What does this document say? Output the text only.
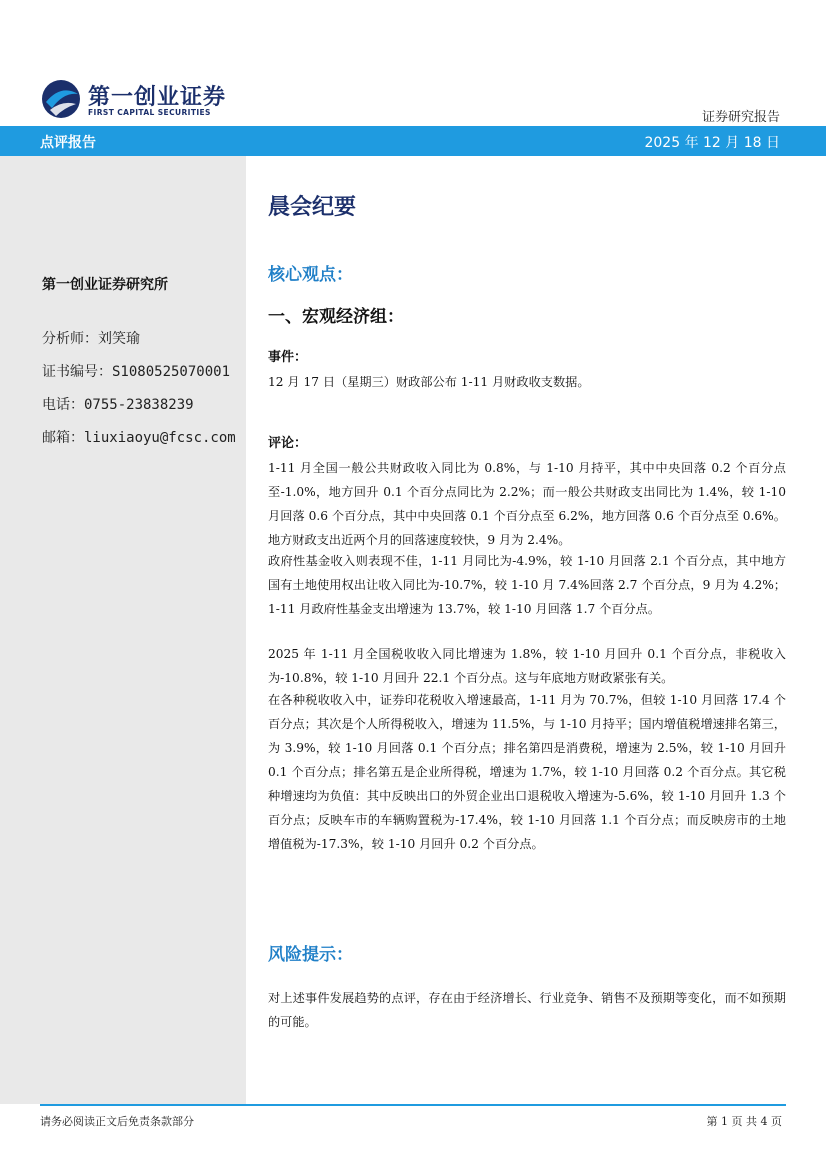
第一创业证券
FIRST CAPITAL SECURITIES	证券研究报告
点评报告	2025 年 12 月 18 日
第一创业证券研究所
分析师：刘笑瑜
证书编号：S1080525070001
电话：0755-23838239
邮箱：liuxiaoyu@fcsc.com
晨会纪要
核心观点：
一、宏观经济组：
事件：
12 月 17 日（星期三）财政部公布 1-11 月财政收支数据。
评论：
1-11 月全国一般公共财政收入同比为 0.8%，与 1-10 月持平，其中中央回落 0.2 个百分点至-1.0%，地方回升 0.1 个百分点同比为 2.2%；而一般公共财政支出同比为 1.4%，较 1-10 月回落 0.6 个百分点，其中中央回落 0.1 个百分点至 6.2%，地方回落 0.6 个百分点至 0.6%。地方财政支出近两个月的回落速度较快，9 月为 2.4%。
政府性基金收入则表现不佳，1-11 月同比为-4.9%，较 1-10 月回落 2.1 个百分点，其中地方国有土地使用权出让收入同比为-10.7%，较 1-10 月 7.4%回落 2.7 个百分点，9 月为 4.2%；1-11 月政府性基金支出增速为 13.7%，较 1-10 月回落 1.7 个百分点。
2025 年 1-11 月全国税收收入同比增速为 1.8%，较 1-10 月回升 0.1 个百分点，非税收入为-10.8%，较 1-10 月回升 22.1 个百分点。这与年底地方财政紧张有关。
在各种税收收入中，证券印花税收入增速最高，1-11 月为 70.7%，但较 1-10 月回落 17.4 个百分点；其次是个人所得税收入，增速为 11.5%，与 1-10 月持平；国内增值税增速排名第三，为 3.9%，较 1-10 月回落 0.1 个百分点；排名第四是消费税，增速为 2.5%，较 1-10 月回升 0.1 个百分点；排名第五是企业所得税，增速为 1.7%，较 1-10 月回落 0.2 个百分点。其它税种增速均为负值：其中反映出口的外贸企业出口退税收入增速为-5.6%，较 1-10 月回升 1.3 个百分点；反映车市的车辆购置税为-17.4%，较 1-10 月回落 1.1 个百分点；而反映房市的土地增值税为-17.3%，较 1-10 月回升 0.2 个百分点。
风险提示：
对上述事件发展趋势的点评，存在由于经济增长、行业竞争、销售不及预期等变化，而不如预期的可能。
请务必阅读正文后免责条款部分	第 1 页 共 4 页
